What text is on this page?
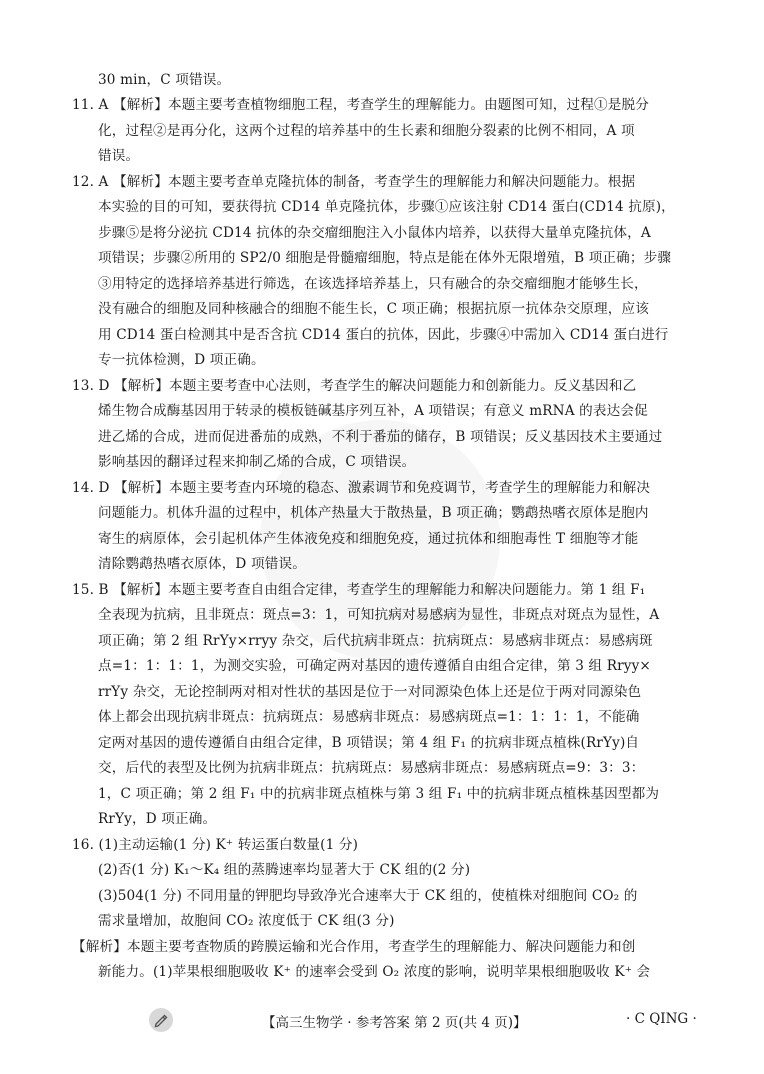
30 min，C 项错误。
11. A 【解析】本题主要考查植物细胞工程，考查学生的理解能力。由题图可知，过程①是脱分
化，过程②是再分化，这两个过程的培养基中的生长素和细胞分裂素的比例不相同，A 项
错误。
12. A 【解析】本题主要考查单克隆抗体的制备，考查学生的理解能力和解决问题能力。根据
本实验的目的可知，要获得抗 CD14 单克隆抗体，步骤①应该注射 CD14 蛋白(CD14 抗原)，
步骤⑤是将分泌抗 CD14 抗体的杂交瘤细胞注入小鼠体内培养，以获得大量单克隆抗体，A
项错误；步骤②所用的 SP2/0 细胞是骨髓瘤细胞，特点是能在体外无限增殖，B 项正确；步骤
③用特定的选择培养基进行筛选，在该选择培养基上，只有融合的杂交瘤细胞才能够生长，
没有融合的细胞及同种核融合的细胞不能生长，C 项正确；根据抗原一抗体杂交原理，应该
用 CD14 蛋白检测其中是否含抗 CD14 蛋白的抗体，因此，步骤④中需加入 CD14 蛋白进行
专一抗体检测，D 项正确。
13. D 【解析】本题主要考查中心法则，考查学生的解决问题能力和创新能力。反义基因和乙
烯生物合成酶基因用于转录的模板链碱基序列互补，A 项错误；有意义 mRNA 的表达会促
进乙烯的合成，进而促进番茄的成熟，不利于番茄的储存，B 项错误；反义基因技术主要通过
影响基因的翻译过程来抑制乙烯的合成，C 项错误。
14. D 【解析】本题主要考查内环境的稳态、激素调节和免疫调节，考查学生的理解能力和解决
问题能力。机体升温的过程中，机体产热量大于散热量，B 项正确；鹦鹉热嗜衣原体是胞内
寄生的病原体，会引起机体产生体液免疫和细胞免疫，通过抗体和细胞毒性 T 细胞等才能
清除鹦鹉热嗜衣原体，D 项错误。
15. B 【解析】本题主要考查自由组合定律，考查学生的理解能力和解决问题能力。第 1 组 F₁
全表现为抗病，且非斑点：斑点=3：1，可知抗病对易感病为显性，非斑点对斑点为显性，A
项正确；第 2 组 RrYy×rryy 杂交，后代抗病非斑点：抗病斑点：易感病非斑点：易感病斑
点=1：1：1：1，为测交实验，可确定两对基因的遗传遵循自由组合定律，第 3 组 Rryy×
rrYy 杂交，无论控制两对相对性状的基因是位于一对同源染色体上还是位于两对同源染色
体上都会出现抗病非斑点：抗病斑点：易感病非斑点：易感病斑点=1：1：1：1，不能确
定两对基因的遗传遵循自由组合定律，B 项错误；第 4 组 F₁ 的抗病非斑点植株(RrYy)自
交，后代的表型及比例为抗病非斑点：抗病斑点：易感病非斑点：易感病斑点=9：3：3：
1，C 项正确；第 2 组 F₁ 中的抗病非斑点植株与第 3 组 F₁ 中的抗病非斑点植株基因型都为
RrYy，D 项正确。
16. (1)主动运输(1 分) K⁺ 转运蛋白数量(1 分)
(2)否(1 分) K₁～K₄ 组的蒸腾速率均显著大于 CK 组的(2 分)
(3)504(1 分) 不同用量的钾肥均导致净光合速率大于 CK 组的，使植株对细胞间 CO₂ 的
需求量增加，故胞间 CO₂ 浓度低于 CK 组(3 分)
【解析】本题主要考查物质的跨膜运输和光合作用，考查学生的理解能力、解决问题能力和创
新能力。(1)苹果根细胞吸收 K⁺ 的速率会受到 O₂ 浓度的影响，说明苹果根细胞吸收 K⁺ 会
【高三生物学 · 参考答案 第 2 页(共 4 页)】	· C QING ·
